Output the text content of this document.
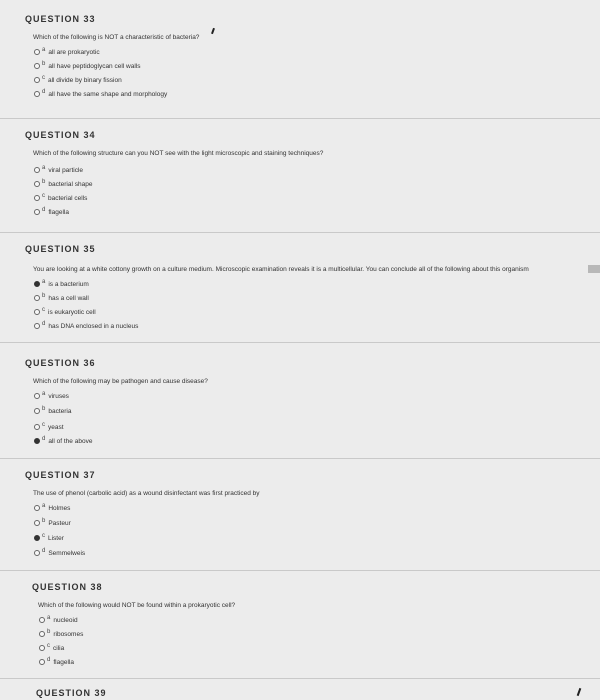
QUESTION 33
Which of the following is NOT a characteristic of bacteria?
a all are prokaryotic
b all have peptidoglycan cell walls
c all divide by binary fission
d all have the same shape and morphology
QUESTION 34
Which of the following structure can you NOT see with the light microscopic and staining techniques?
a viral particle
b bacterial shape
c bacterial cells
d flagella
QUESTION 35
You are looking at a white cottony growth on a culture medium. Microscopic examination reveals it is a multicellular. You can conclude all of the following about this organism
a is a bacterium
b has a cell wall
c is eukaryotic cell
d has DNA enclosed in a nucleus
QUESTION 36
Which of the following may be pathogen and cause disease?
a viruses
b bacteria
c yeast
d all of the above
QUESTION 37
The use of phenol (carbolic acid) as a wound disinfectant was first practiced by
a Holmes
b Pasteur
c Lister
d Semmelweis
QUESTION 38
Which of the following would NOT be found within a prokaryotic cell?
a nucleoid
b ribosomes
c cilia
d flagella
QUESTION 39
